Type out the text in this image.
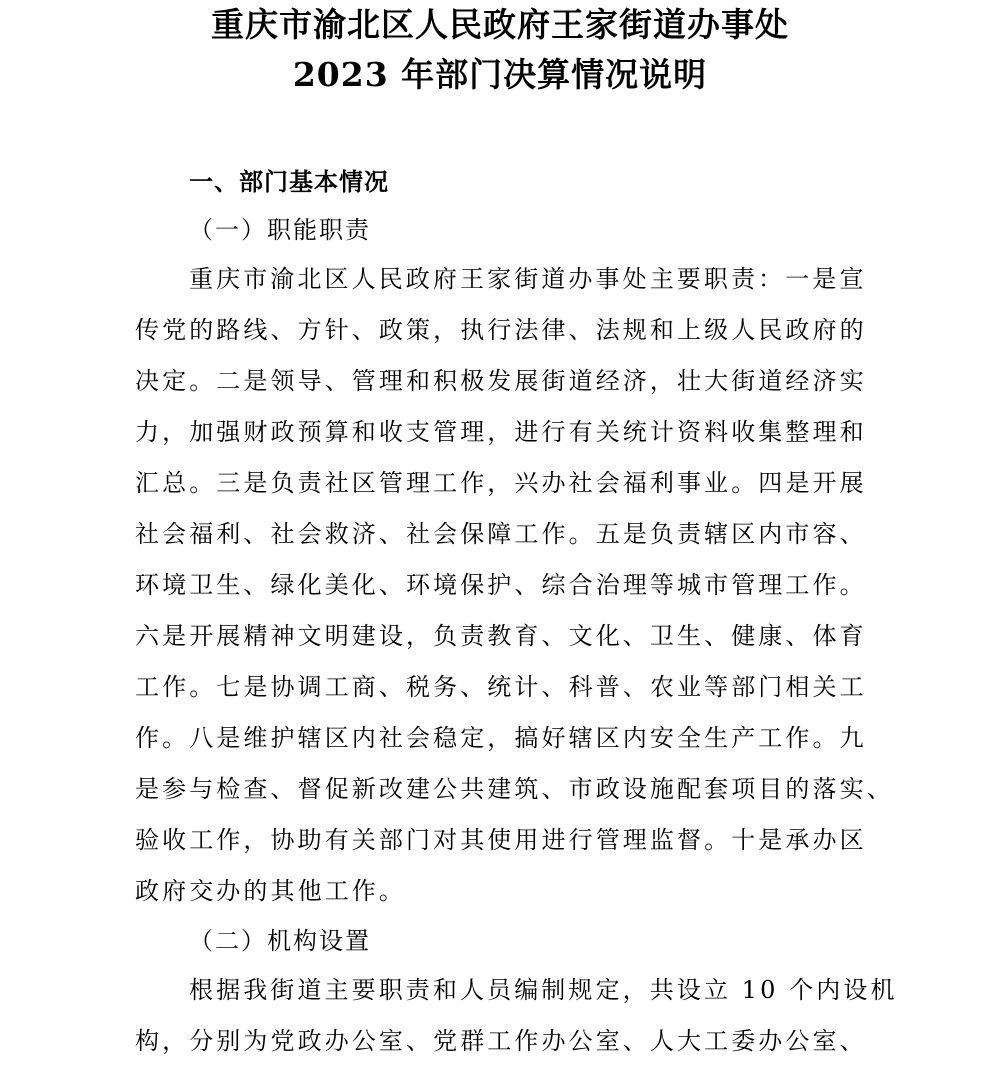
重庆市渝北区人民政府王家街道办事处
2023 年部门决算情况说明

一、部门基本情况

（一）职能职责

重庆市渝北区人民政府王家街道办事处主要职责：一是宣
传党的路线、方针、政策，执行法律、法规和上级人民政府的
决定。二是领导、管理和积极发展街道经济，壮大街道经济实
力，加强财政预算和收支管理，进行有关统计资料收集整理和
汇总。三是负责社区管理工作，兴办社会福利事业。四是开展
社会福利、社会救济、社会保障工作。五是负责辖区内市容、
环境卫生、绿化美化、环境保护、综合治理等城市管理工作。
六是开展精神文明建设，负责教育、文化、卫生、健康、体育
工作。七是协调工商、税务、统计、科普、农业等部门相关工
作。八是维护辖区内社会稳定，搞好辖区内安全生产工作。九
是参与检查、督促新改建公共建筑、市政设施配套项目的落实、
验收工作，协助有关部门对其使用进行管理监督。十是承办区
政府交办的其他工作。

（二）机构设置

根据我街道主要职责和人员编制规定，共设立 10 个内设机
构，分别为党政办公室、党群工作办公室、人大工委办公室、
